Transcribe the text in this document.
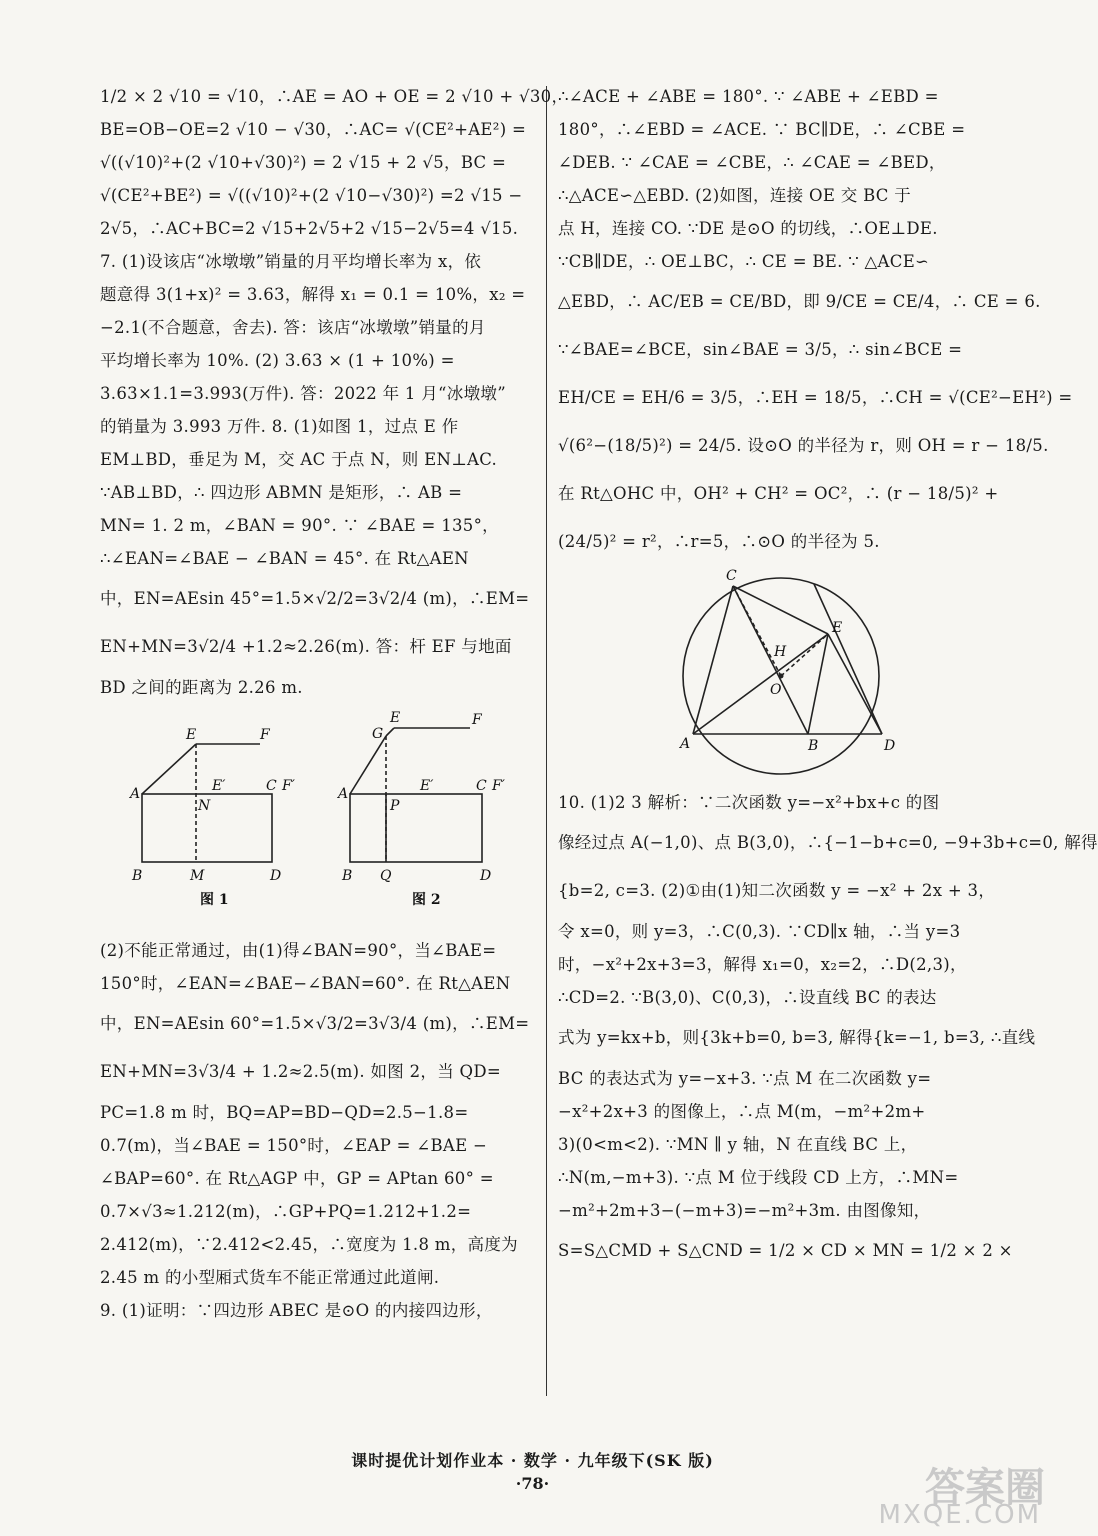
1/2 × 2 √10 = √10，∴AE = AO + OE = 2 √10 + √30，
BE=OB−OE=2 √10 − √30，∴AC= √(CE²+AE²) =
√((√10)²+(2 √10+√30)²) = 2 √15 + 2 √5，BC =
√(CE²+BE²) = √((√10)²+(2 √10−√30)²) =2 √15 −
2√5，∴AC+BC=2 √15+2√5+2 √15−2√5=4 √15.
7. (1)设该店“冰墩墩”销量的月平均增长率为 x，依
题意得 3(1+x)² = 3.63，解得 x₁ = 0.1 = 10%，x₂ =
−2.1(不合题意，舍去). 答：该店“冰墩墩”销量的月
平均增长率为 10%. (2) 3.63 × (1 + 10%) =
3.63×1.1=3.993(万件). 答：2022 年 1 月“冰墩墩”
的销量为 3.993 万件. 8. (1)如图 1，过点 E 作
EM⊥BD，垂足为 M，交 AC 于点 N，则 EN⊥AC.
∵AB⊥BD，∴ 四边形 ABMN 是矩形，∴ AB =
MN= 1. 2 m，∠BAN = 90°. ∵ ∠BAE = 135°，
∴∠EAN=∠BAE − ∠BAN = 45°. 在 Rt△AEN
中，EN=AEsin 45°=1.5×√2/2=3√2/4 (m)，∴EM=
EN+MN=3√2/4 +1.2≈2.26(m). 答：杆 EF 与地面
BD 之间的距离为 2.26 m.
E	F
A	E′	C F′
N
B	M	D
E
G
F
A	E′	C F′
P
B Q	D
图 1	图 2
(2)不能正常通过，由(1)得∠BAN=90°，当∠BAE=
150°时，∠EAN=∠BAE−∠BAN=60°. 在 Rt△AEN
中，EN=AEsin 60°=1.5×√3/2=3√3/4 (m)，∴EM=
EN+MN=3√3/4 + 1.2≈2.5(m). 如图 2，当 QD=
PC=1.8 m 时，BQ=AP=BD−QD=2.5−1.8=
0.7(m)，当∠BAE = 150°时，∠EAP = ∠BAE −
∠BAP=60°. 在 Rt△AGP 中，GP = APtan 60° =
0.7×√3≈1.212(m)，∴GP+PQ=1.212+1.2=
2.412(m)，∵2.412<2.45，∴宽度为 1.8 m，高度为
2.45 m 的小型厢式货车不能正常通过此道闸.
9. (1)证明：∵四边形 ABEC 是⊙O 的内接四边形，
∴∠ACE + ∠ABE = 180°. ∵ ∠ABE + ∠EBD =
180°，∴∠EBD = ∠ACE. ∵ BC∥DE，∴ ∠CBE =
∠DEB. ∵ ∠CAE = ∠CBE，∴ ∠CAE = ∠BED，
∴△ACE∽△EBD. (2)如图，连接 OE 交 BC 于
点 H，连接 CO. ∵DE 是⊙O 的切线，∴OE⊥DE.
∵CB∥DE，∴ OE⊥BC，∴ CE = BE. ∵ △ACE∽
△EBD，∴ AC/EB = CE/BD，即 9/CE = CE/4，∴ CE = 6.
∵∠BAE=∠BCE，sin∠BAE = 3/5，∴ sin∠BCE =
EH/CE = EH/6 = 3/5，∴EH = 18/5，∴CH = √(CE²−EH²) =
√(6²−(18/5)²) = 24/5. 设⊙O 的半径为 r，则 OH = r − 18/5.
在 Rt△OHC 中，OH² + CH² = OC²，∴ (r − 18/5)² +
(24/5)² = r²，∴r=5，∴⊙O 的半径为 5.
C
E
H
O
A	B	D
10. (1)2 3 解析：∵二次函数 y=−x²+bx+c 的图
像经过点 A(−1,0)、点 B(3,0)，∴{−1−b+c=0, −9+3b+c=0, 解得
{b=2, c=3. (2)①由(1)知二次函数 y = −x² + 2x + 3，
令 x=0，则 y=3，∴C(0,3). ∵CD∥x 轴，∴当 y=3
时，−x²+2x+3=3，解得 x₁=0，x₂=2，∴D(2,3)，
∴CD=2. ∵B(3,0)、C(0,3)，∴设直线 BC 的表达
式为 y=kx+b，则{3k+b=0, b=3, 解得{k=−1, b=3, ∴直线
BC 的表达式为 y=−x+3. ∵点 M 在二次函数 y=
−x²+2x+3 的图像上，∴点 M(m，−m²+2m+
3)(0<m<2). ∵MN ∥ y 轴，N 在直线 BC 上，
∴N(m,−m+3). ∵点 M 位于线段 CD 上方，∴MN=
−m²+2m+3−(−m+3)=−m²+3m. 由图像知，
S=S△CMD + S△CND = 1/2 × CD × MN = 1/2 × 2 ×
课时提优计划作业本 · 数学 · 九年级下(SK 版)
·78·	答案圈
MXQE.COM
